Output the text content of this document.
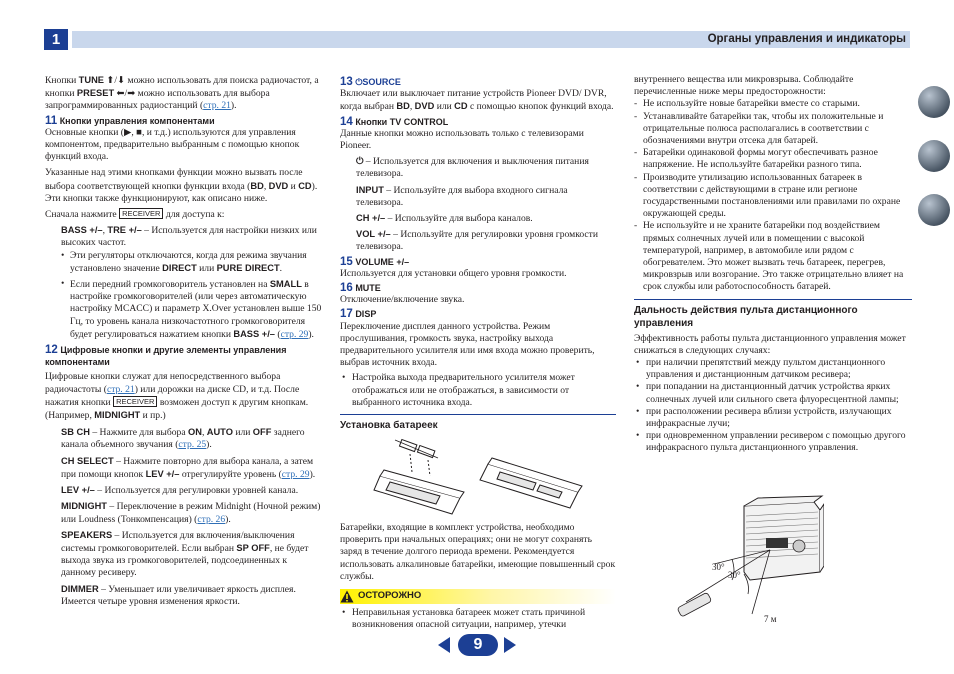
1	Органы управления и индикаторы

Кнопки TUNE ⬆/⬇ можно использовать для поиска радиочастот, а кнопки PRESET ⬅/➡ можно использовать для выбора запрограммированных радиостанций (стр. 21).

11 Кнопки управления компонентами

Основные кнопки (▶, ■, и т.д.) используются для управления компонентом, предварительно выбранным с помощью кнопок функций входа.

Указанные над этими кнопками функции можно вызвать после выбора соответствующей кнопки функции входа (BD, DVD и CD). Эти кнопки также функционируют, как описано ниже.

Сначала нажмите RECEIVER для доступа к:

BASS +/–, TRE +/– – Используется для настройки низких или высоких частот.

• Эти регуляторы отключаются, когда для режима звучания установлено значение DIRECT или PURE DIRECT.

• Если передний громкоговоритель установлен на SMALL в настройке громкоговорителей (или через автоматическую настройку MCACC) и параметр X.Over установлен выше 150 Гц, то уровень канала низкочастотного громкоговорителя будет регулироваться нажатием кнопки BASS +/– (стр. 29).

12 Цифровые кнопки и другие элементы управления компонентами

Цифровые кнопки служат для непосредственного выбора радиочастоты (стр. 21) или дорожки на диске CD, и т.д. После нажатия кнопки RECEIVER возможен доступ к другим кнопкам. (Например, MIDNIGHT и пр.)

SB CH – Нажмите для выбора ON, AUTO или OFF заднего канала объемного звучания (стр. 25).

CH SELECT – Нажмите повторно для выбора канала, а затем при помощи кнопок LEV +/– отрегулируйте уровень (стр. 29).

LEV +/– – Используется для регулировки уровней канала.

MIDNIGHT – Переключение в режим Midnight (Ночной режим) или Loudness (Тонкомпенсация) (стр. 26).

SPEAKERS – Используется для включения/выключения системы громкоговорителей. Если выбран SP OFF, не будет выхода звука из громкоговорителей, подсоединенных к данному ресиверу.

DIMMER – Уменьшает или увеличивает яркость дисплея. Имеется четыре уровня изменения яркости.

13 ⏻SOURCE

Включает или выключает питание устройств Pioneer DVD/ DVR, когда выбран BD, DVD или CD с помощью кнопок функций входа.

14 Кнопки TV CONTROL

Данные кнопки можно использовать только с телевизорами Pioneer.

⏻ – Используется для включения и выключения питания телевизора.

INPUT – Используйте для выбора входного сигнала телевизора.

CH +/– – Используйте для выбора каналов.

VOL +/– – Используйте для регулировки уровня громкости телевизора.

15 VOLUME +/–

Используется для установки общего уровня громкости.

16 MUTE

Отключение/включение звука.

17 DISP

Переключение дисплея данного устройства. Режим прослушивания, громкость звука, настройку выхода предварительного усилителя или имя входа можно проверить, выбрав источник входа.

• Настройка выхода предварительного усилителя может отображаться или не отображаться, в зависимости от выбранного источника входа.

Установка батареек

Батарейки, входящие в комплект устройства, необходимо проверить при начальных операциях; они не могут сохранять заряд в течение долгого периода времени. Рекомендуется использовать алкалиновые батарейки, имеющие повышенный срок службы.

ОСТОРОЖНО

• Неправильная установка батареек может стать причиной возникновения опасной ситуации, например, утечки

внутреннего вещества или микровзрыва. Соблюдайте перечисленные ниже меры предосторожности:

- Не используйте новые батарейки вместе со старыми.

- Устанавливайте батарейки так, чтобы их положительные и отрицательные полюса располагались в соответствии с обозначениями внутри отсека для батарей.

- Батарейки одинаковой формы могут обеспечивать разное напряжение. Не используйте батарейки разного типа.

- Производите утилизацию использованных батареек в соответствии с действующими в стране или регионе государственными постановлениями или правилами по охране окружающей среды.

- Не используйте и не храните батарейки под воздействием прямых солнечных лучей или в помещении с высокой температурой, например, в автомобиле или рядом с обогревателем. Это может вызвать течь батареек, перегрев, микровзрыв или возгорание. Это также отрицательно влияет на срок службы или работоспособность батарей.

Дальность действия пульта дистанционного управления

Эффективность работы пульта дистанционного управления может снижаться в следующих случаях:

• при наличии препятствий между пультом дистанционного управления и дистанционным датчиком ресивера;

• при попадании на дистанционный датчик устройства ярких солнечных лучей или сильного света флуоресцентной лампы;

• при расположении ресивера вблизи устройств, излучающих инфракрасные лучи;

• при одновременном управлении ресивером с помощью другого инфракрасного пульта дистанционного управления.

30°
30°
7 м
9
